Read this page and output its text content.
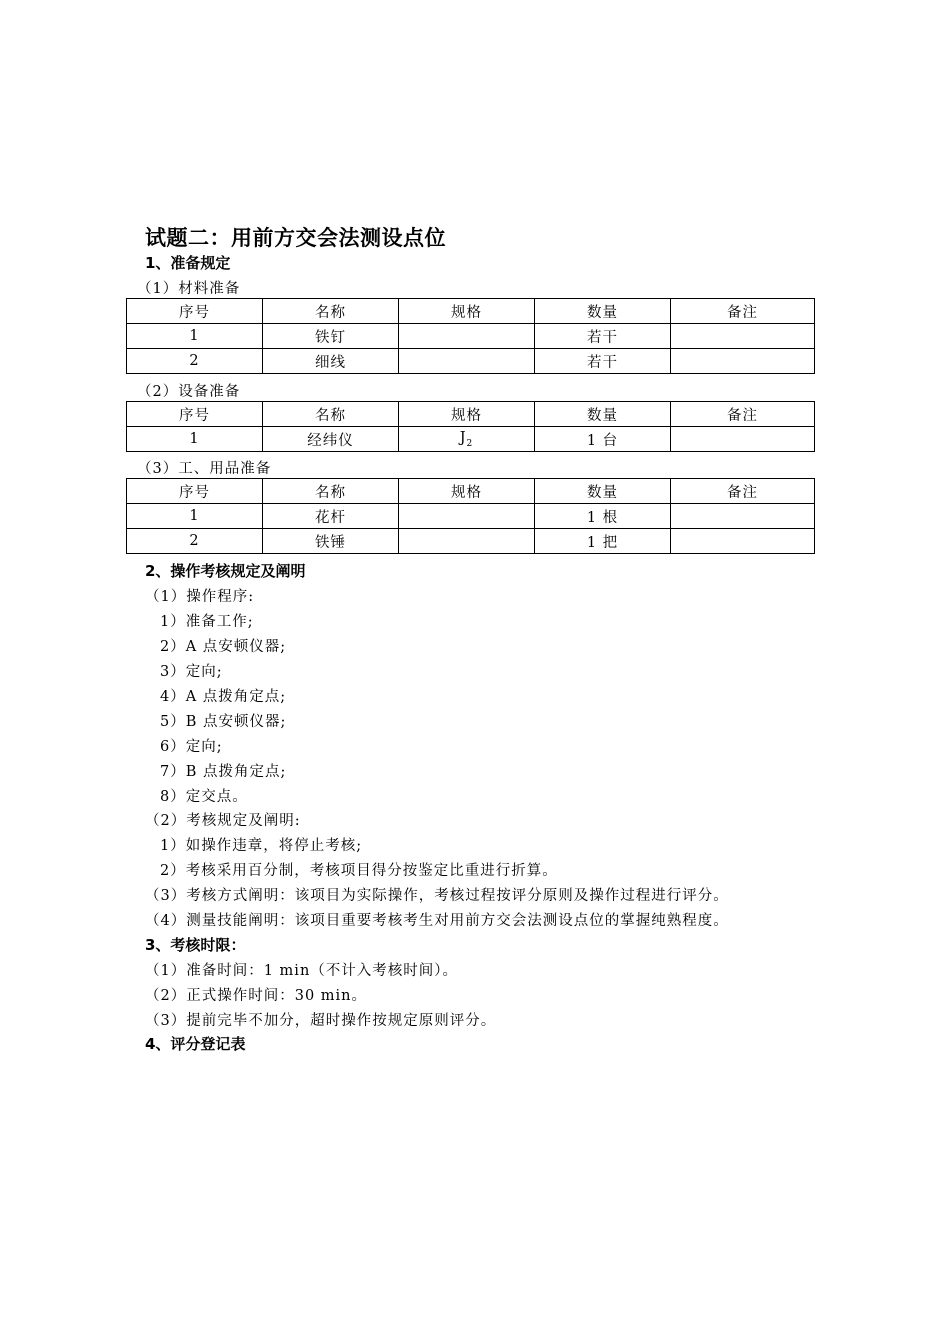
试题二：用前方交会法测设点位
1、准备规定
（1）材料准备
序号	名称	规格	数量	备注
1	铁钉		若干	
2	细线		若干	
（2）设备准备
序号	名称	规格	数量	备注
1	经纬仪	$J_2$	1 台	
（3）工、用品准备
序号	名称	规格	数量	备注
1	花杆		1 根	
2	铁锤		1 把	
2、操作考核规定及阐明
（1）操作程序:
1）准备工作;
2）A 点安顿仪器;
3）定向;
4）A 点拨角定点;
5）B 点安顿仪器;
6）定向;
7）B 点拨角定点;
8）定交点。
（2）考核规定及阐明:
1）如操作违章，将停止考核;
2）考核采用百分制，考核项目得分按鉴定比重进行折算。
（3）考核方式阐明：该项目为实际操作，考核过程按评分原则及操作过程进行评分。
（4）测量技能阐明：该项目重要考核考生对用前方交会法测设点位的掌握纯熟程度。
3、考核时限：
（1）准备时间：1 min（不计入考核时间）。
（2）正式操作时间：30 min。
（3）提前完毕不加分，超时操作按规定原则评分。
4、评分登记表
